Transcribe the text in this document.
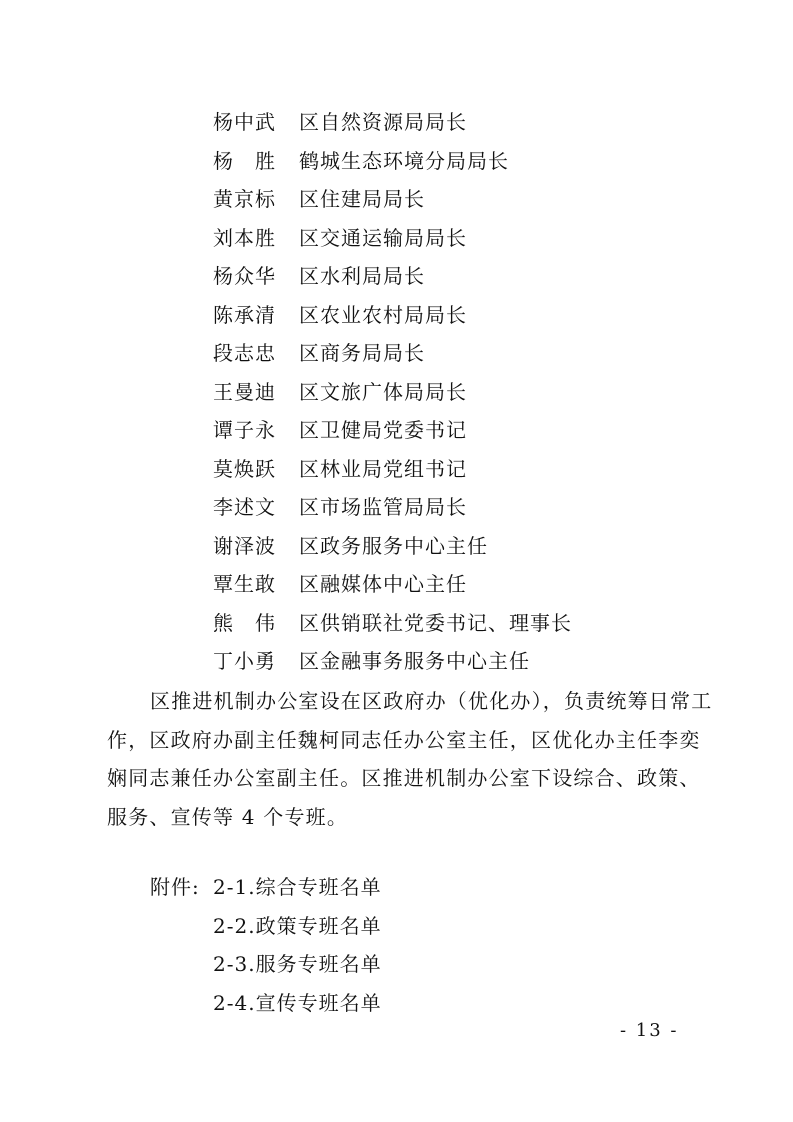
杨中武	区自然资源局局长
杨 胜	鹤城生态环境分局局长
黄京标	区住建局局长
刘本胜	区交通运输局局长
杨众华	区水利局局长
陈承清	区农业农村局局长
段志忠	区商务局局长
王曼迪	区文旅广体局局长
谭子永	区卫健局党委书记
莫焕跃	区林业局党组书记
李述文	区市场监管局局长
谢泽波	区政务服务中心主任
覃生敢	区融媒体中心主任
熊 伟	区供销联社党委书记、理事长
丁小勇	区金融事务服务中心主任
区推进机制办公室设在区政府办（优化办），负责统筹日常工作，区政府办副主任魏柯同志任办公室主任，区优化办主任李奕娴同志兼任办公室副主任。区推进机制办公室下设综合、政策、服务、宣传等 4 个专班。
附件: 2-1.综合专班名单
2-2.政策专班名单
2-3.服务专班名单
2-4.宣传专班名单
- 13 -
